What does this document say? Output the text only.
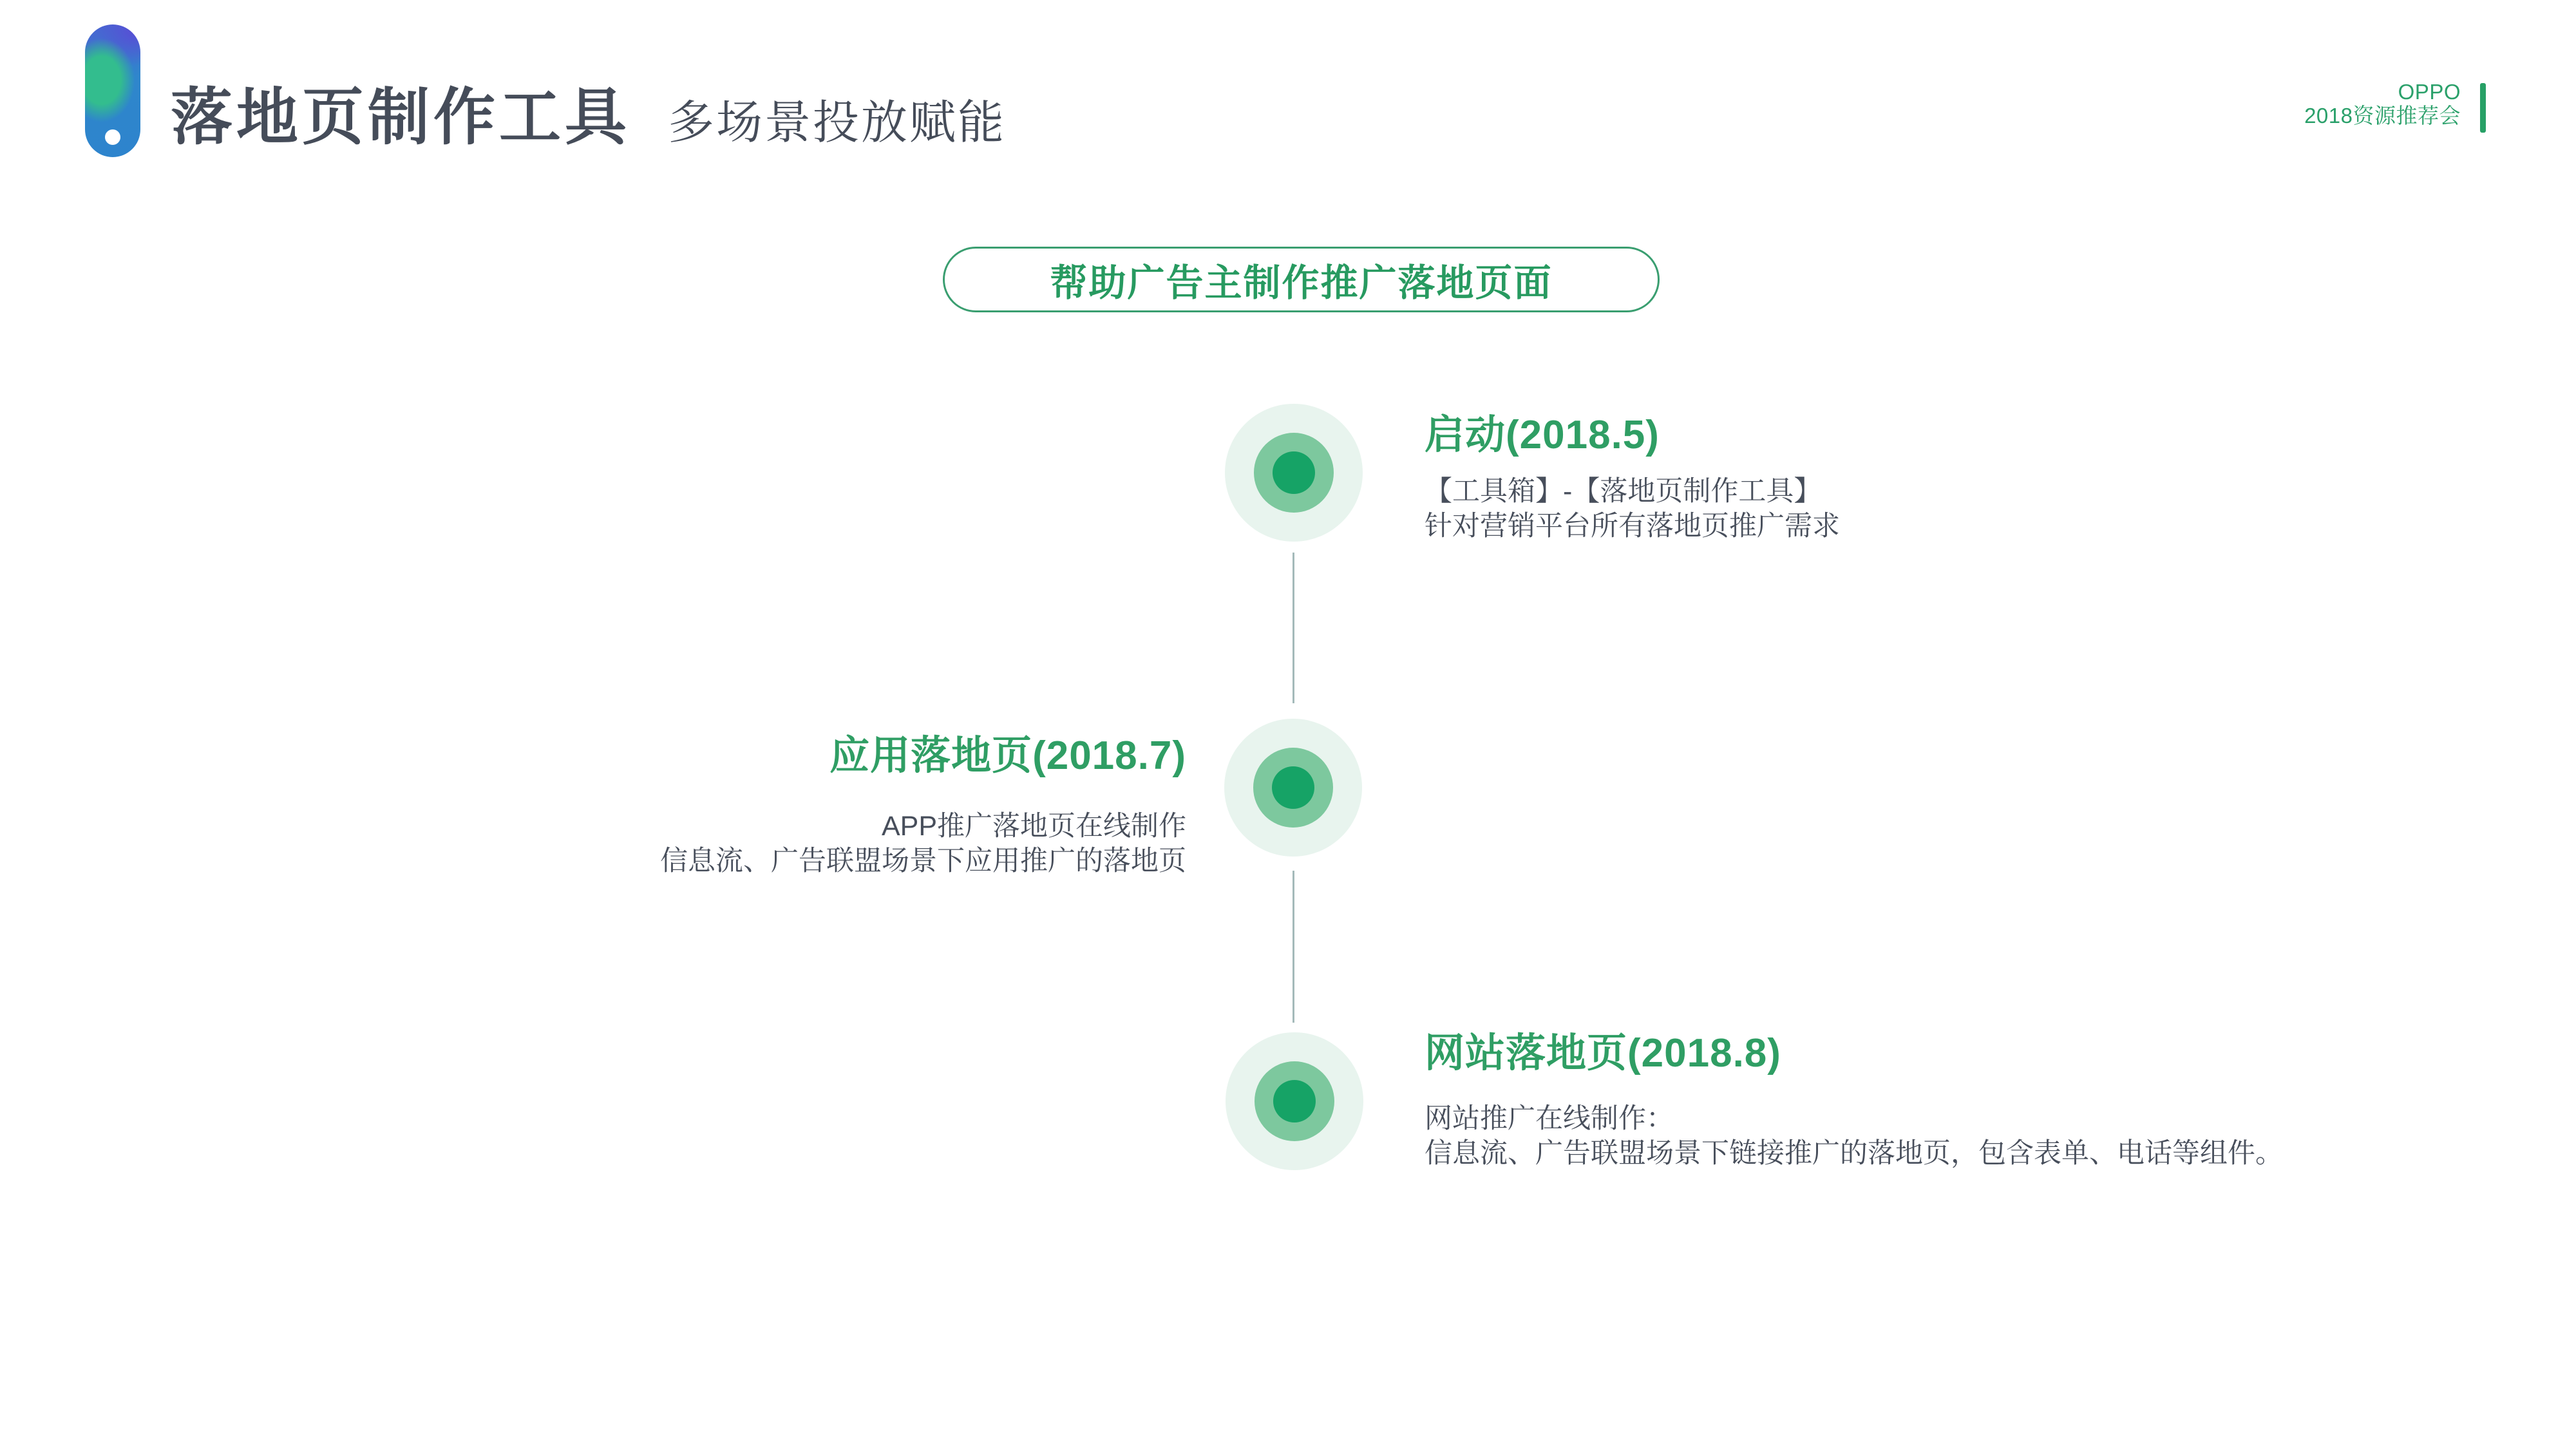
落地页制作工具 多场景投放赋能
OPPO
2018资源推荐会
帮助广告主制作推广落地页面
启动(2018.5)
【工具箱】-【落地页制作工具】
针对营销平台所有落地页推广需求
应用落地页(2018.7)
APP推广落地页在线制作
信息流、广告联盟场景下应用推广的落地页
网站落地页(2018.8)
网站推广在线制作：
信息流、广告联盟场景下链接推广的落地页，包含表单、电话等组件。
